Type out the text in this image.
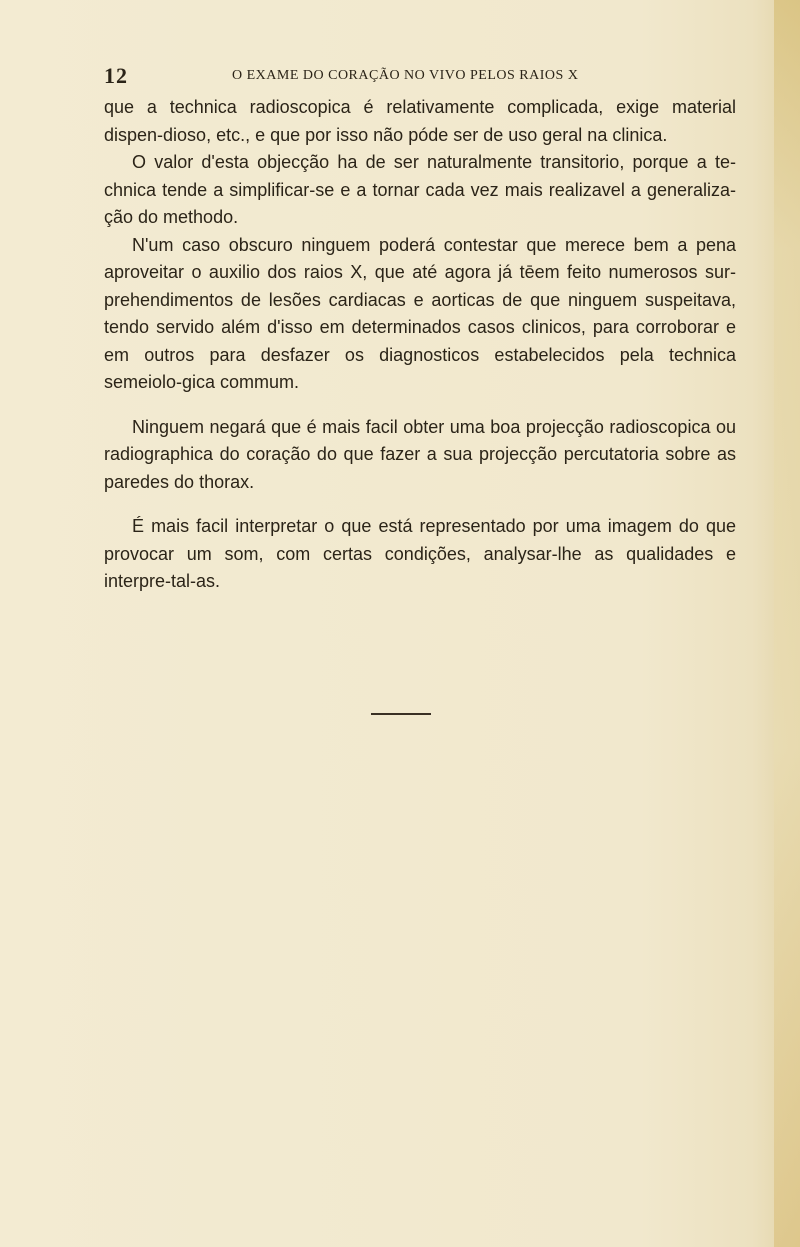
12	O EXAME DO CORAÇÃO NO VIVO PELOS RAIOS X

que a technica radioscopica é relativamente complicada, exige material dispen-dioso, etc., e que por isso não póde ser de uso geral na clinica.

O valor d'esta objecção ha de ser naturalmente transitorio, porque a te-chnica tende a simplificar-se e a tornar cada vez mais realizavel a generaliza-ção do methodo.

N'um caso obscuro ninguem poderá contestar que merece bem a pena aproveitar o auxilio dos raios X, que até agora já tēem feito numerosos sur-prehendimentos de lesões cardiacas e aorticas de que ninguem suspeitava, tendo servido além d'isso em determinados casos clinicos, para corroborar e em outros para desfazer os diagnosticos estabelecidos pela technica semeiolo-gica commum.

Ninguem negará que é mais facil obter uma boa projecção radioscopica ou radiographica do coração do que fazer a sua projecção percutatoria sobre as paredes do thorax.

É mais facil interpretar o que está representado por uma imagem do que provocar um som, com certas condições, analysar-lhe as qualidades e interpre-tal-as.
